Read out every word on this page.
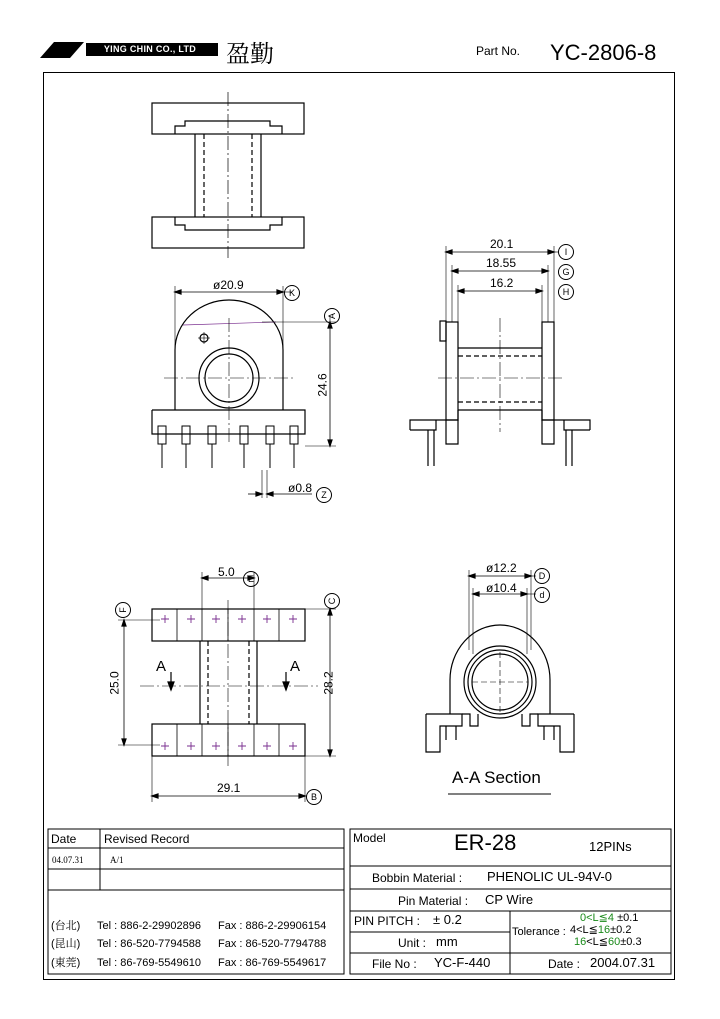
YING CHIN CO., LTD	盈勤	Part No. YC-2806-8
20.1
18.55
16.2
I
G
H
ø20.9
K
A
24.6
ø0.8	Z
5.0	E
F
C
25.0	28.2
29.1
B
A	A
ø12.2
D
ø10.4	d
A-A Section
Date Revised Record
04.07.31	A/1
(台北) Tel : 886-2-29902896 Fax : 886-2-29906154
(昆山) Tel : 86-520-7794588 Fax : 86-520-7794788
(東莞) Tel : 86-769-5549610 Fax : 86-769-5549617
Model	ER-28	12PINs
Bobbin Material : PHENOLIC UL-94V-0
Pin Material : CP Wire
PIN PITCH : ± 0.2
Unit : mm
File No : YC-F-440	Date : 2004.07.31
Tolerance :
0<L≦4 ±0.1
4<L≦16±0.2
16<L≦60±0.3
